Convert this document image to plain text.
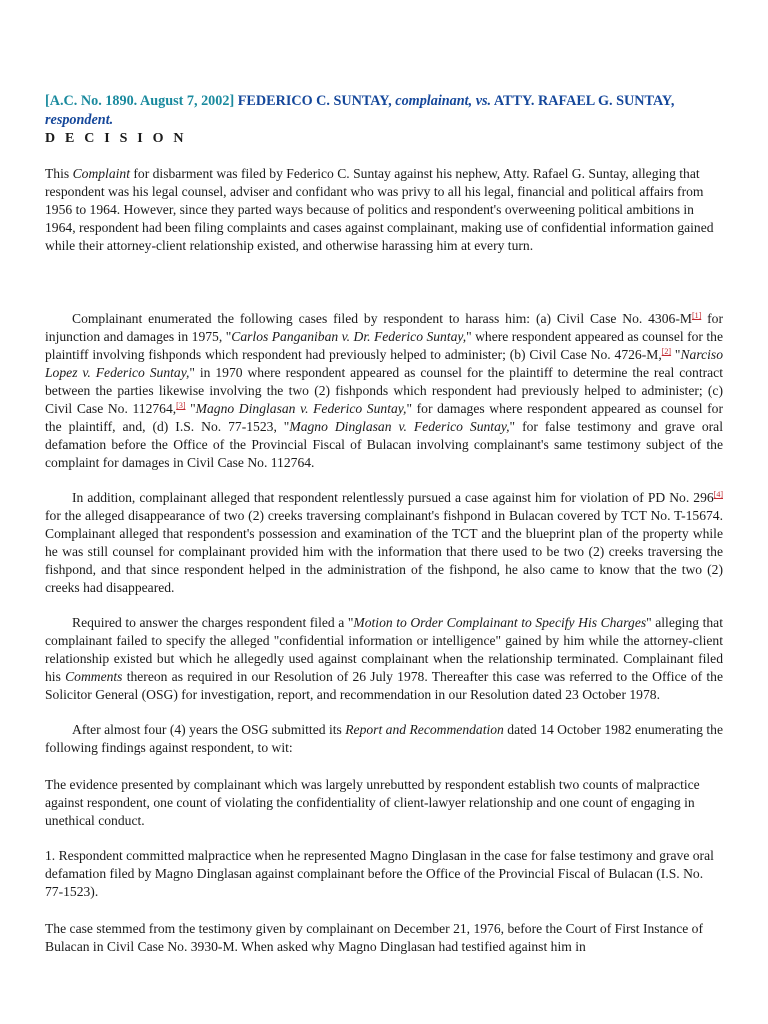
[A.C. No. 1890. August 7, 2002] FEDERICO C. SUNTAY, complainant, vs. ATTY. RAFAEL G. SUNTAY, respondent.
D E C I S I O N

This Complaint for disbarment was filed by Federico C. Suntay against his nephew, Atty. Rafael G. Suntay, alleging that respondent was his legal counsel, adviser and confidant who was privy to all his legal, financial and political affairs from 1956 to 1964. However, since they parted ways because of politics and respondent's overweening political ambitions in 1964, respondent had been filing complaints and cases against complainant, making use of confidential information gained while their attorney-client relationship existed, and otherwise harassing him at every turn.

Complainant enumerated the following cases filed by respondent to harass him: (a) Civil Case No. 4306-M[1] for injunction and damages in 1975, "Carlos Panganiban v. Dr. Federico Suntay," where respondent appeared as counsel for the plaintiff involving fishponds which respondent had previously helped to administer; (b) Civil Case No. 4726-M,[2] "Narciso Lopez v. Federico Suntay," in 1970 where respondent appeared as counsel for the plaintiff to determine the real contract between the parties likewise involving the two (2) fishponds which respondent had previously helped to administer; (c) Civil Case No. 112764,[3] "Magno Dinglasan v. Federico Suntay," for damages where respondent appeared as counsel for the plaintiff, and, (d) I.S. No. 77-1523, "Magno Dinglasan v. Federico Suntay," for false testimony and grave oral defamation before the Office of the Provincial Fiscal of Bulacan involving complainant's same testimony subject of the complaint for damages in Civil Case No. 112764.

In addition, complainant alleged that respondent relentlessly pursued a case against him for violation of PD No. 296[4] for the alleged disappearance of two (2) creeks traversing complainant's fishpond in Bulacan covered by TCT No. T-15674. Complainant alleged that respondent's possession and examination of the TCT and the blueprint plan of the property while he was still counsel for complainant provided him with the information that there used to be two (2) creeks traversing the fishpond, and that since respondent helped in the administration of the fishpond, he also came to know that the two (2) creeks had disappeared.

Required to answer the charges respondent filed a "Motion to Order Complainant to Specify His Charges" alleging that complainant failed to specify the alleged "confidential information or intelligence" gained by him while the attorney-client relationship existed but which he allegedly used against complainant when the relationship terminated. Complainant filed his Comments thereon as required in our Resolution of 26 July 1978. Thereafter this case was referred to the Office of the Solicitor General (OSG) for investigation, report, and recommendation in our Resolution dated 23 October 1978.

After almost four (4) years the OSG submitted its Report and Recommendation dated 14 October 1982 enumerating the following findings against respondent, to wit:

The evidence presented by complainant which was largely unrebutted by respondent establish two counts of malpractice against respondent, one count of violating the confidentiality of client-lawyer relationship and one count of engaging in unethical conduct.

1. Respondent committed malpractice when he represented Magno Dinglasan in the case for false testimony and grave oral defamation filed by Magno Dinglasan against complainant before the Office of the Provincial Fiscal of Bulacan (I.S. No. 77-1523).

The case stemmed from the testimony given by complainant on December 21, 1976, before the Court of First Instance of Bulacan in Civil Case No. 3930-M. When asked why Magno Dinglasan had testified against him in
